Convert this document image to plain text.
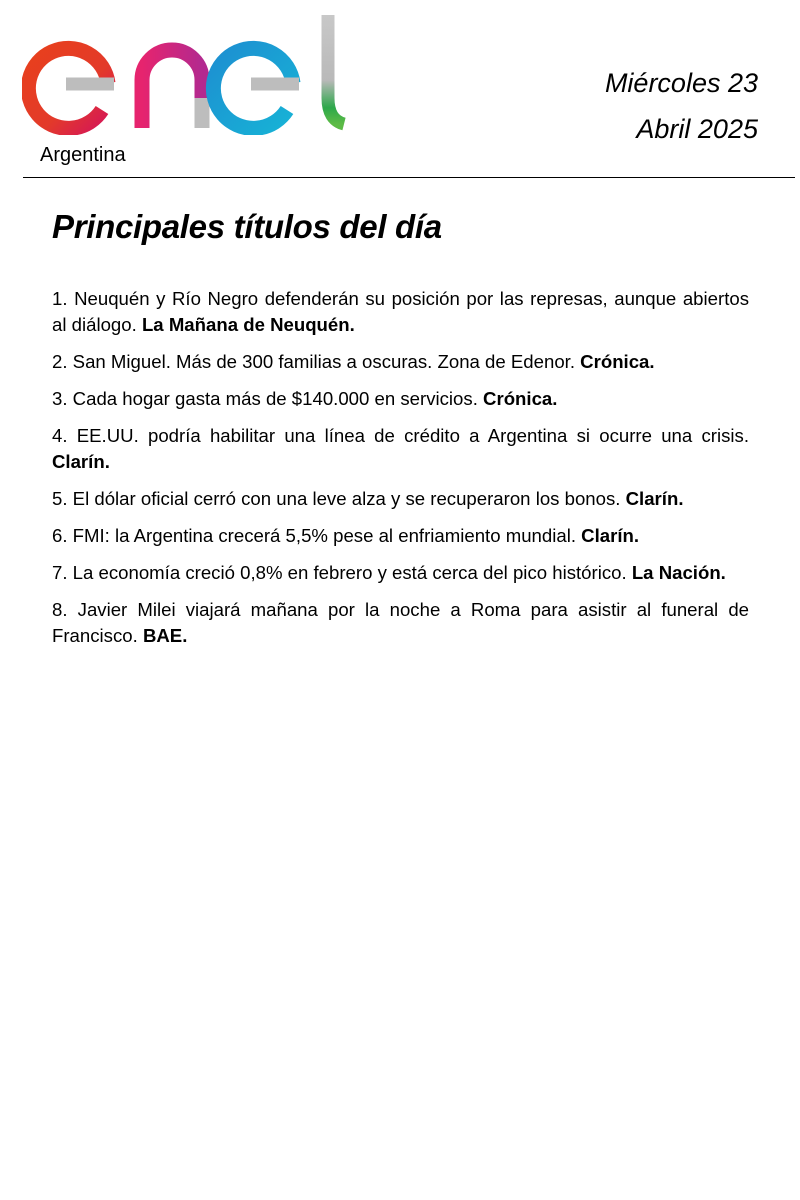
Argentina
Miércoles 23
Abril 2025
Principales títulos del día
1. Neuquén y Río Negro defenderán su posición por las represas, aunque abiertos al diálogo. La Mañana de Neuquén.
2. San Miguel. Más de 300 familias a oscuras. Zona de Edenor. Crónica.
3. Cada hogar gasta más de $140.000 en servicios. Crónica.
4. EE.UU. podría habilitar una línea de crédito a Argentina si ocurre una crisis. Clarín.
5. El dólar oficial cerró con una leve alza y se recuperaron los bonos. Clarín.
6. FMI: la Argentina crecerá 5,5% pese al enfriamiento mundial. Clarín.
7. La economía creció 0,8% en febrero y está cerca del pico histórico. La Nación.
8. Javier Milei viajará mañana por la noche a Roma para asistir al funeral de Francisco. BAE.
